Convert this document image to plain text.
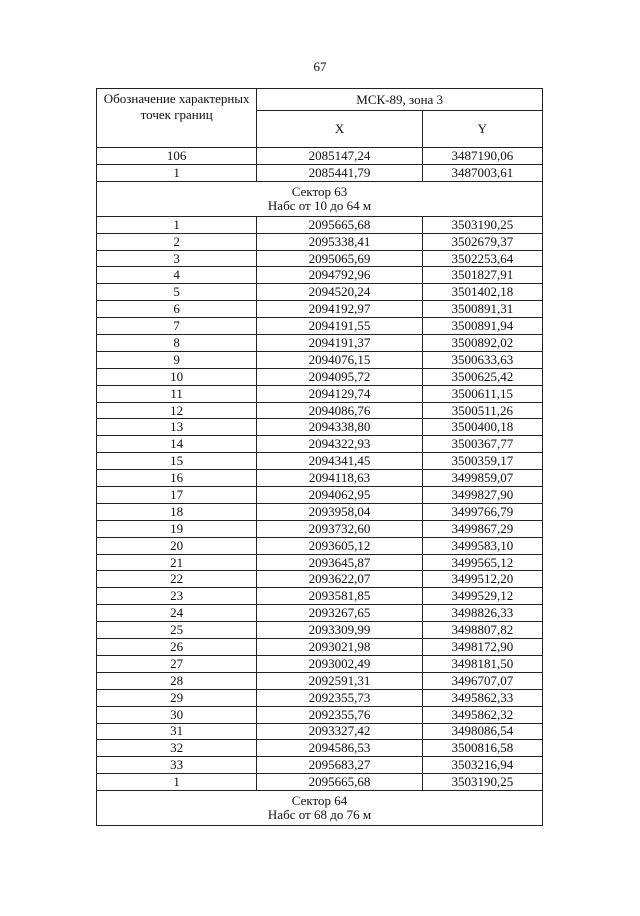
67
Обозначение характерных точек границ	МСК-89, зона 3	
	X	Y
106	2085147,24	3487190,06
1	2085441,79	3487003,61

Сектор 63
Набс от 10 до 64 м		

1	2095665,68	3503190,25
2	2095338,41	3502679,37
3	2095065,69	3502253,64
4	2094792,96	3501827,91
5	2094520,24	3501402,18
6	2094192,97	3500891,31
7	2094191,55	3500891,94
8	2094191,37	3500892,02
9	2094076,15	3500633,63
10	2094095,72	3500625,42
11	2094129,74	3500611,15
12	2094086,76	3500511,26
13	2094338,80	3500400,18
14	2094322,93	3500367,77
15	2094341,45	3500359,17
16	2094118,63	3499859,07
17	2094062,95	3499827,90
18	2093958,04	3499766,79
19	2093732,60	3499867,29
20	2093605,12	3499583,10
21	2093645,87	3499565,12
22	2093622,07	3499512,20
23	2093581,85	3499529,12
24	2093267,65	3498826,33
25	2093309,99	3498807,82
26	2093021,98	3498172,90
27	2093002,49	3498181,50
28	2092591,31	3496707,07
29	2092355,73	3495862,33
30	2092355,76	3495862,32
31	2093327,42	3498086,54
32	2094586,53	3500816,58
33	2095683,27	3503216,94
1	2095665,68	3503190,25

Сектор 64
Набс от 68 до 76 м		
